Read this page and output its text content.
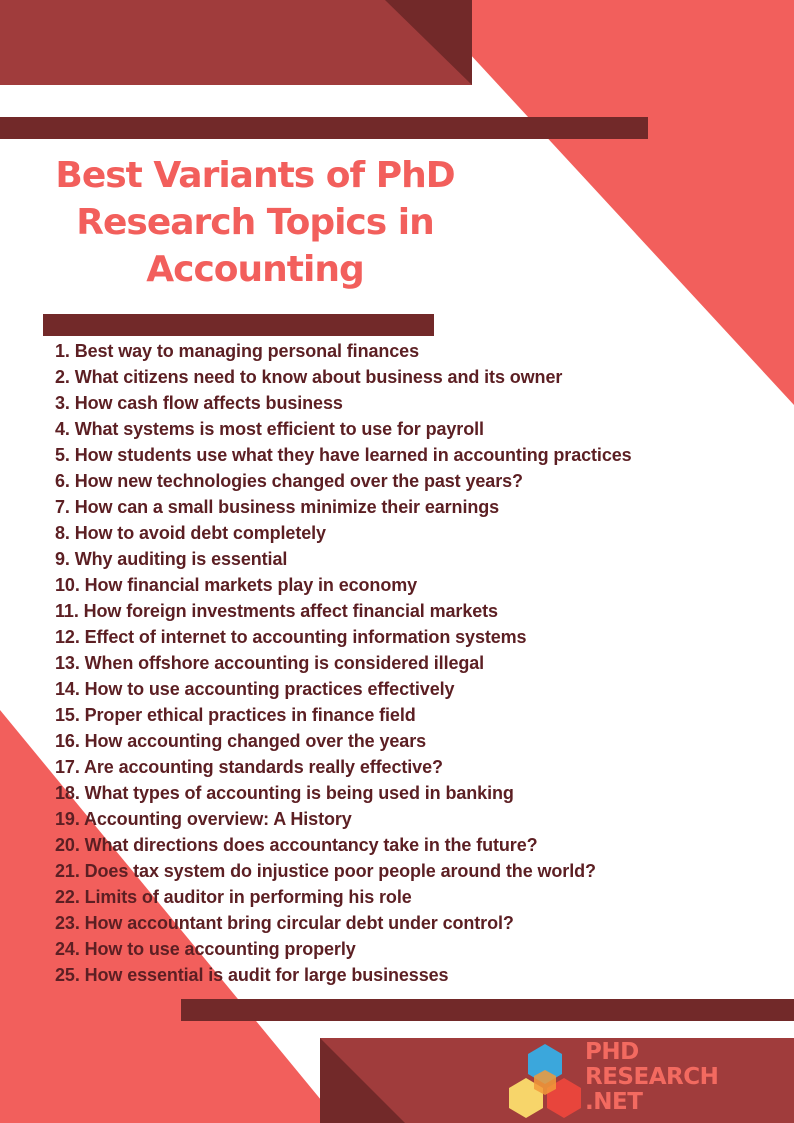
Best Variants of PhD
Research Topics in
Accounting
1. Best way to managing personal finances
2. What citizens need to know about business and its owner
3. How cash flow affects business
4. What systems is most efficient to use for payroll
5. How students use what they have learned in accounting practices
6. How new technologies changed over the past years?
7. How can a small business minimize their earnings
8. How to avoid debt completely
9. Why auditing is essential
10. How financial markets play in economy
11. How foreign investments affect financial markets
12. Effect of internet to accounting information systems
13. When offshore accounting is considered illegal
14. How to use accounting practices effectively
15. Proper ethical practices in finance field
16. How accounting changed over the years
17. Are accounting standards really effective?
18. What types of accounting is being used in banking
19. Accounting overview: A History
20. What directions does accountancy take in the future?
21. Does tax system do injustice poor people around the world?
22. Limits of auditor in performing his role
23. How accountant bring circular debt under control?
24. How to use accounting properly
25. How essential is audit for large businesses
PHD
RESEARCH
.NET
